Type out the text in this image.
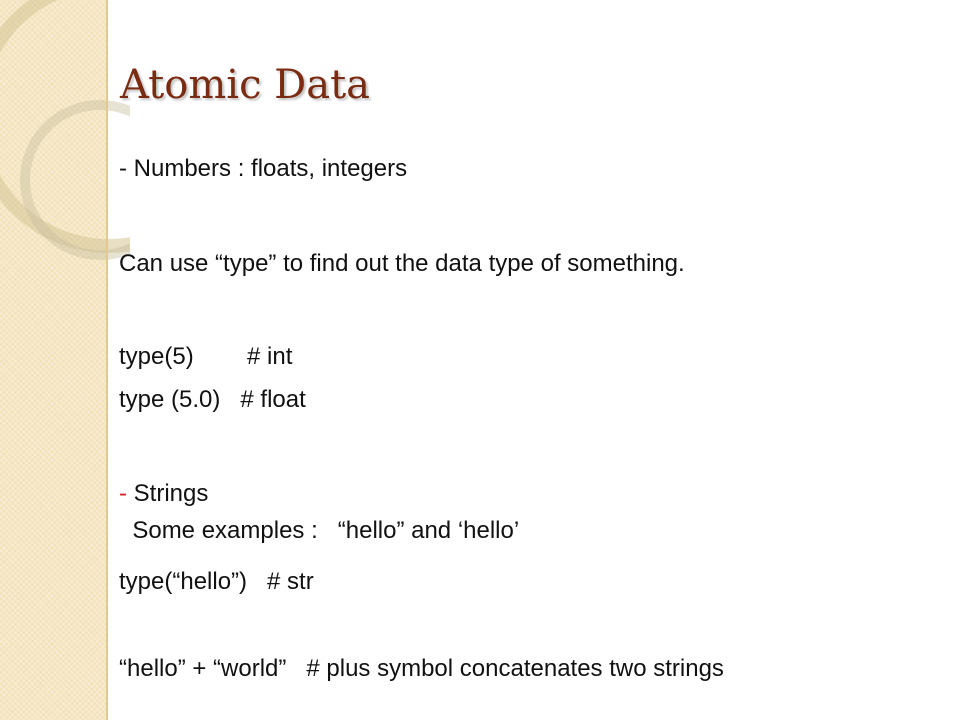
Atomic Data

- Numbers : floats, integers

Can use “type” to find out the data type of something.

type(5)        # int

type (5.0)   # float

- Strings

Some examples :   “hello” and ‘hello’

type(“hello”)   # str

“hello” + “world”   # plus symbol concatenates two strings
